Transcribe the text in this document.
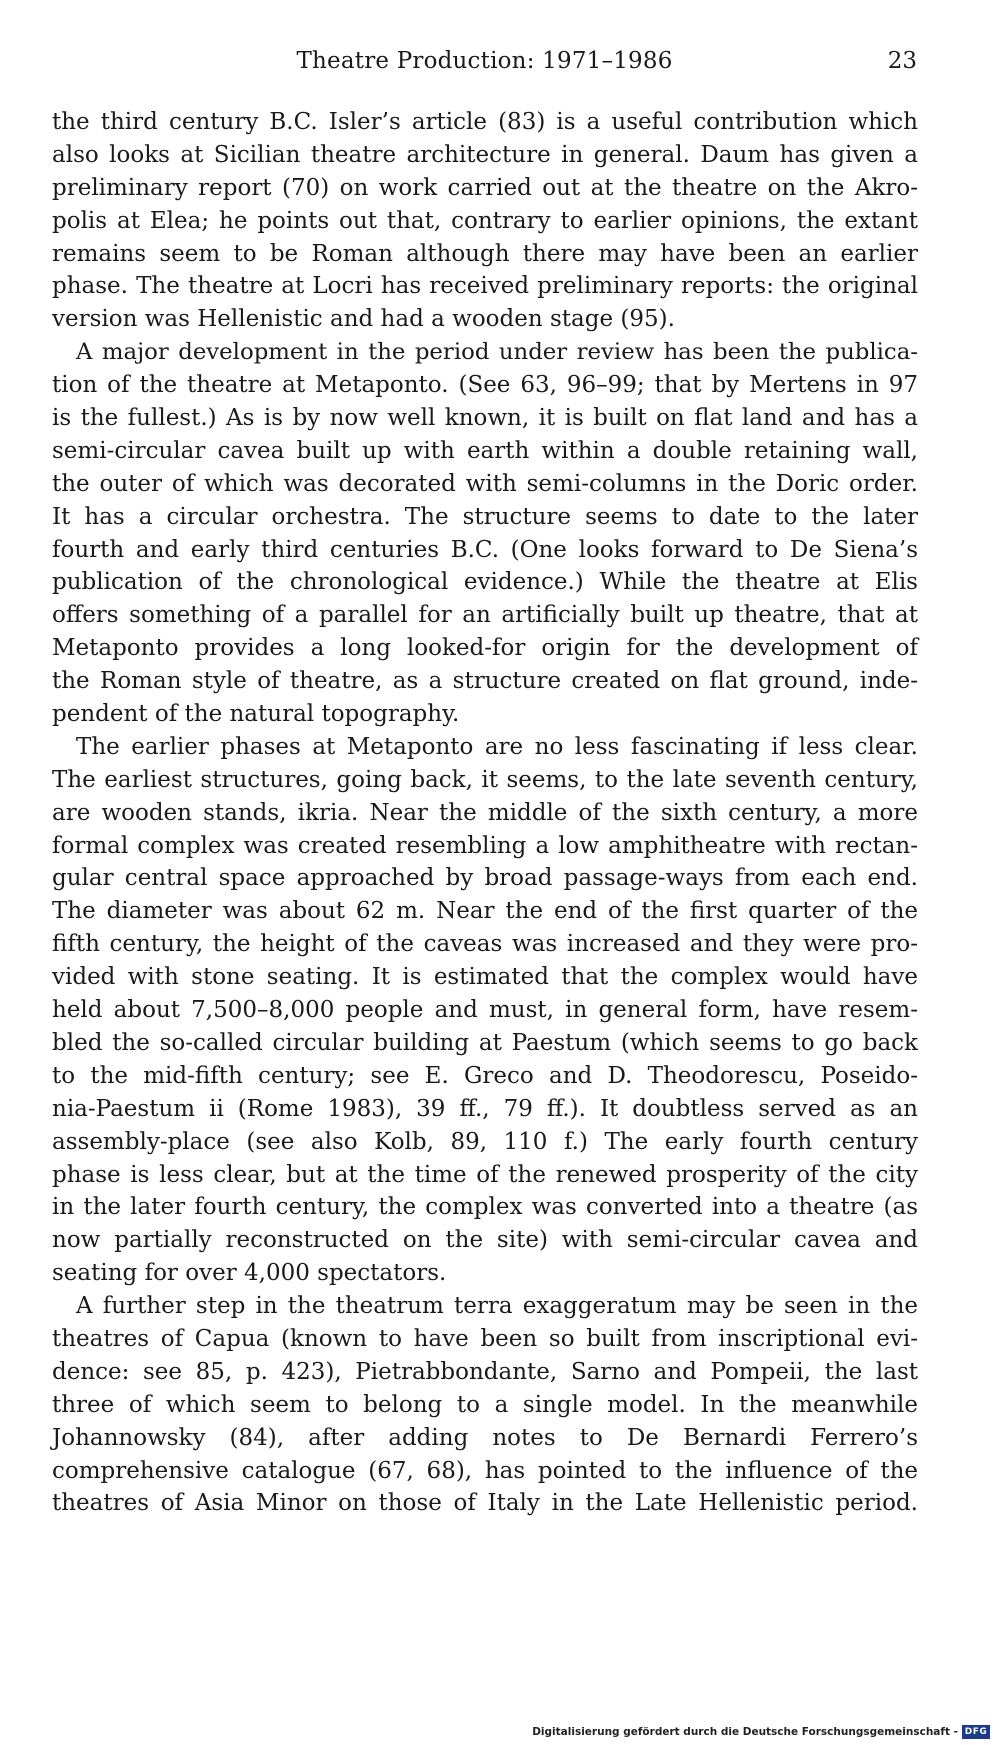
Theatre Production: 1971–1986	23
the third century B.C. Isler’s article (83) is a useful contribution which
also looks at Sicilian theatre architecture in general. Daum has given a
preliminary report (70) on work carried out at the theatre on the Akro-
polis at Elea; he points out that, contrary to earlier opinions, the extant
remains seem to be Roman although there may have been an earlier
phase. The theatre at Locri has received preliminary reports: the original
version was Hellenistic and had a wooden stage (95).
A major development in the period under review has been the publica-
tion of the theatre at Metaponto. (See 63, 96–99; that by Mertens in 97
is the fullest.) As is by now well known, it is built on flat land and has a
semi-circular cavea built up with earth within a double retaining wall,
the outer of which was decorated with semi-columns in the Doric order.
It has a circular orchestra. The structure seems to date to the later
fourth and early third centuries B.C. (One looks forward to De Siena’s
publication of the chronological evidence.) While the theatre at Elis
offers something of a parallel for an artificially built up theatre, that at
Metaponto provides a long looked-for origin for the development of
the Roman style of theatre, as a structure created on flat ground, inde-
pendent of the natural topography.
The earlier phases at Metaponto are no less fascinating if less clear.
The earliest structures, going back, it seems, to the late seventh century,
are wooden stands, ikria. Near the middle of the sixth century, a more
formal complex was created resembling a low amphitheatre with rectan-
gular central space approached by broad passage-ways from each end.
The diameter was about 62 m. Near the end of the first quarter of the
fifth century, the height of the caveas was increased and they were pro-
vided with stone seating. It is estimated that the complex would have
held about 7,500–8,000 people and must, in general form, have resem-
bled the so-called circular building at Paestum (which seems to go back
to the mid-fifth century; see E. Greco and D. Theodorescu, Poseido-
nia-Paestum ii (Rome 1983), 39 ff., 79 ff.). It doubtless served as an
assembly-place (see also Kolb, 89, 110 f.) The early fourth century
phase is less clear, but at the time of the renewed prosperity of the city
in the later fourth century, the complex was converted into a theatre (as
now partially reconstructed on the site) with semi-circular cavea and
seating for over 4,000 spectators.
A further step in the theatrum terra exaggeratum may be seen in the
theatres of Capua (known to have been so built from inscriptional evi-
dence: see 85, p. 423), Pietrabbondante, Sarno and Pompeii, the last
three of which seem to belong to a single model. In the meanwhile
Johannowsky (84), after adding notes to De Bernardi Ferrero’s
comprehensive catalogue (67, 68), has pointed to the influence of the
theatres of Asia Minor on those of Italy in the Late Hellenistic period.
Digitalisierung gefördert durch die Deutsche Forschungsgemeinschaft - DFG
